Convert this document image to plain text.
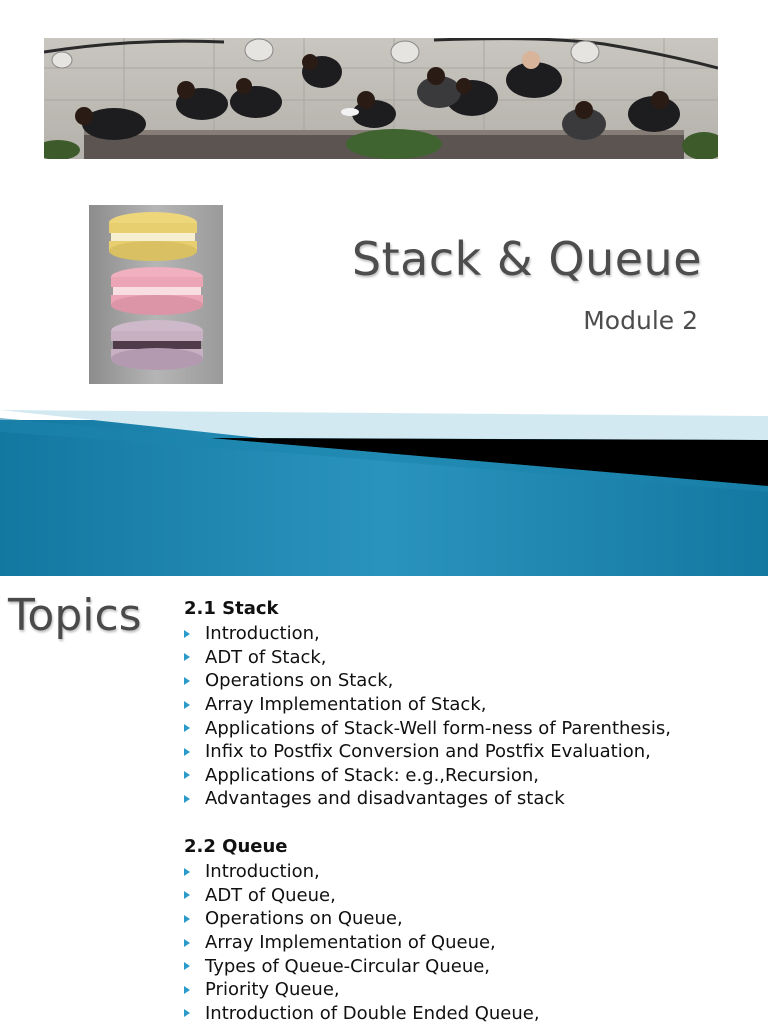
Stack & Queue
Module 2
Topics 2.1 Stack
Introduction,
ADT of Stack,
Operations on Stack,
Array Implementation of Stack,
Applications of Stack-Well form-ness of Parenthesis,
Infix to Postfix Conversion and Postfix Evaluation,
Applications of Stack: e.g.,Recursion,
Advantages and disadvantages of stack
2.2 Queue
Introduction,
ADT of Queue,
Operations on Queue,
Array Implementation of Queue,
Types of Queue-Circular Queue,
Priority Queue,
Introduction of Double Ended Queue,
